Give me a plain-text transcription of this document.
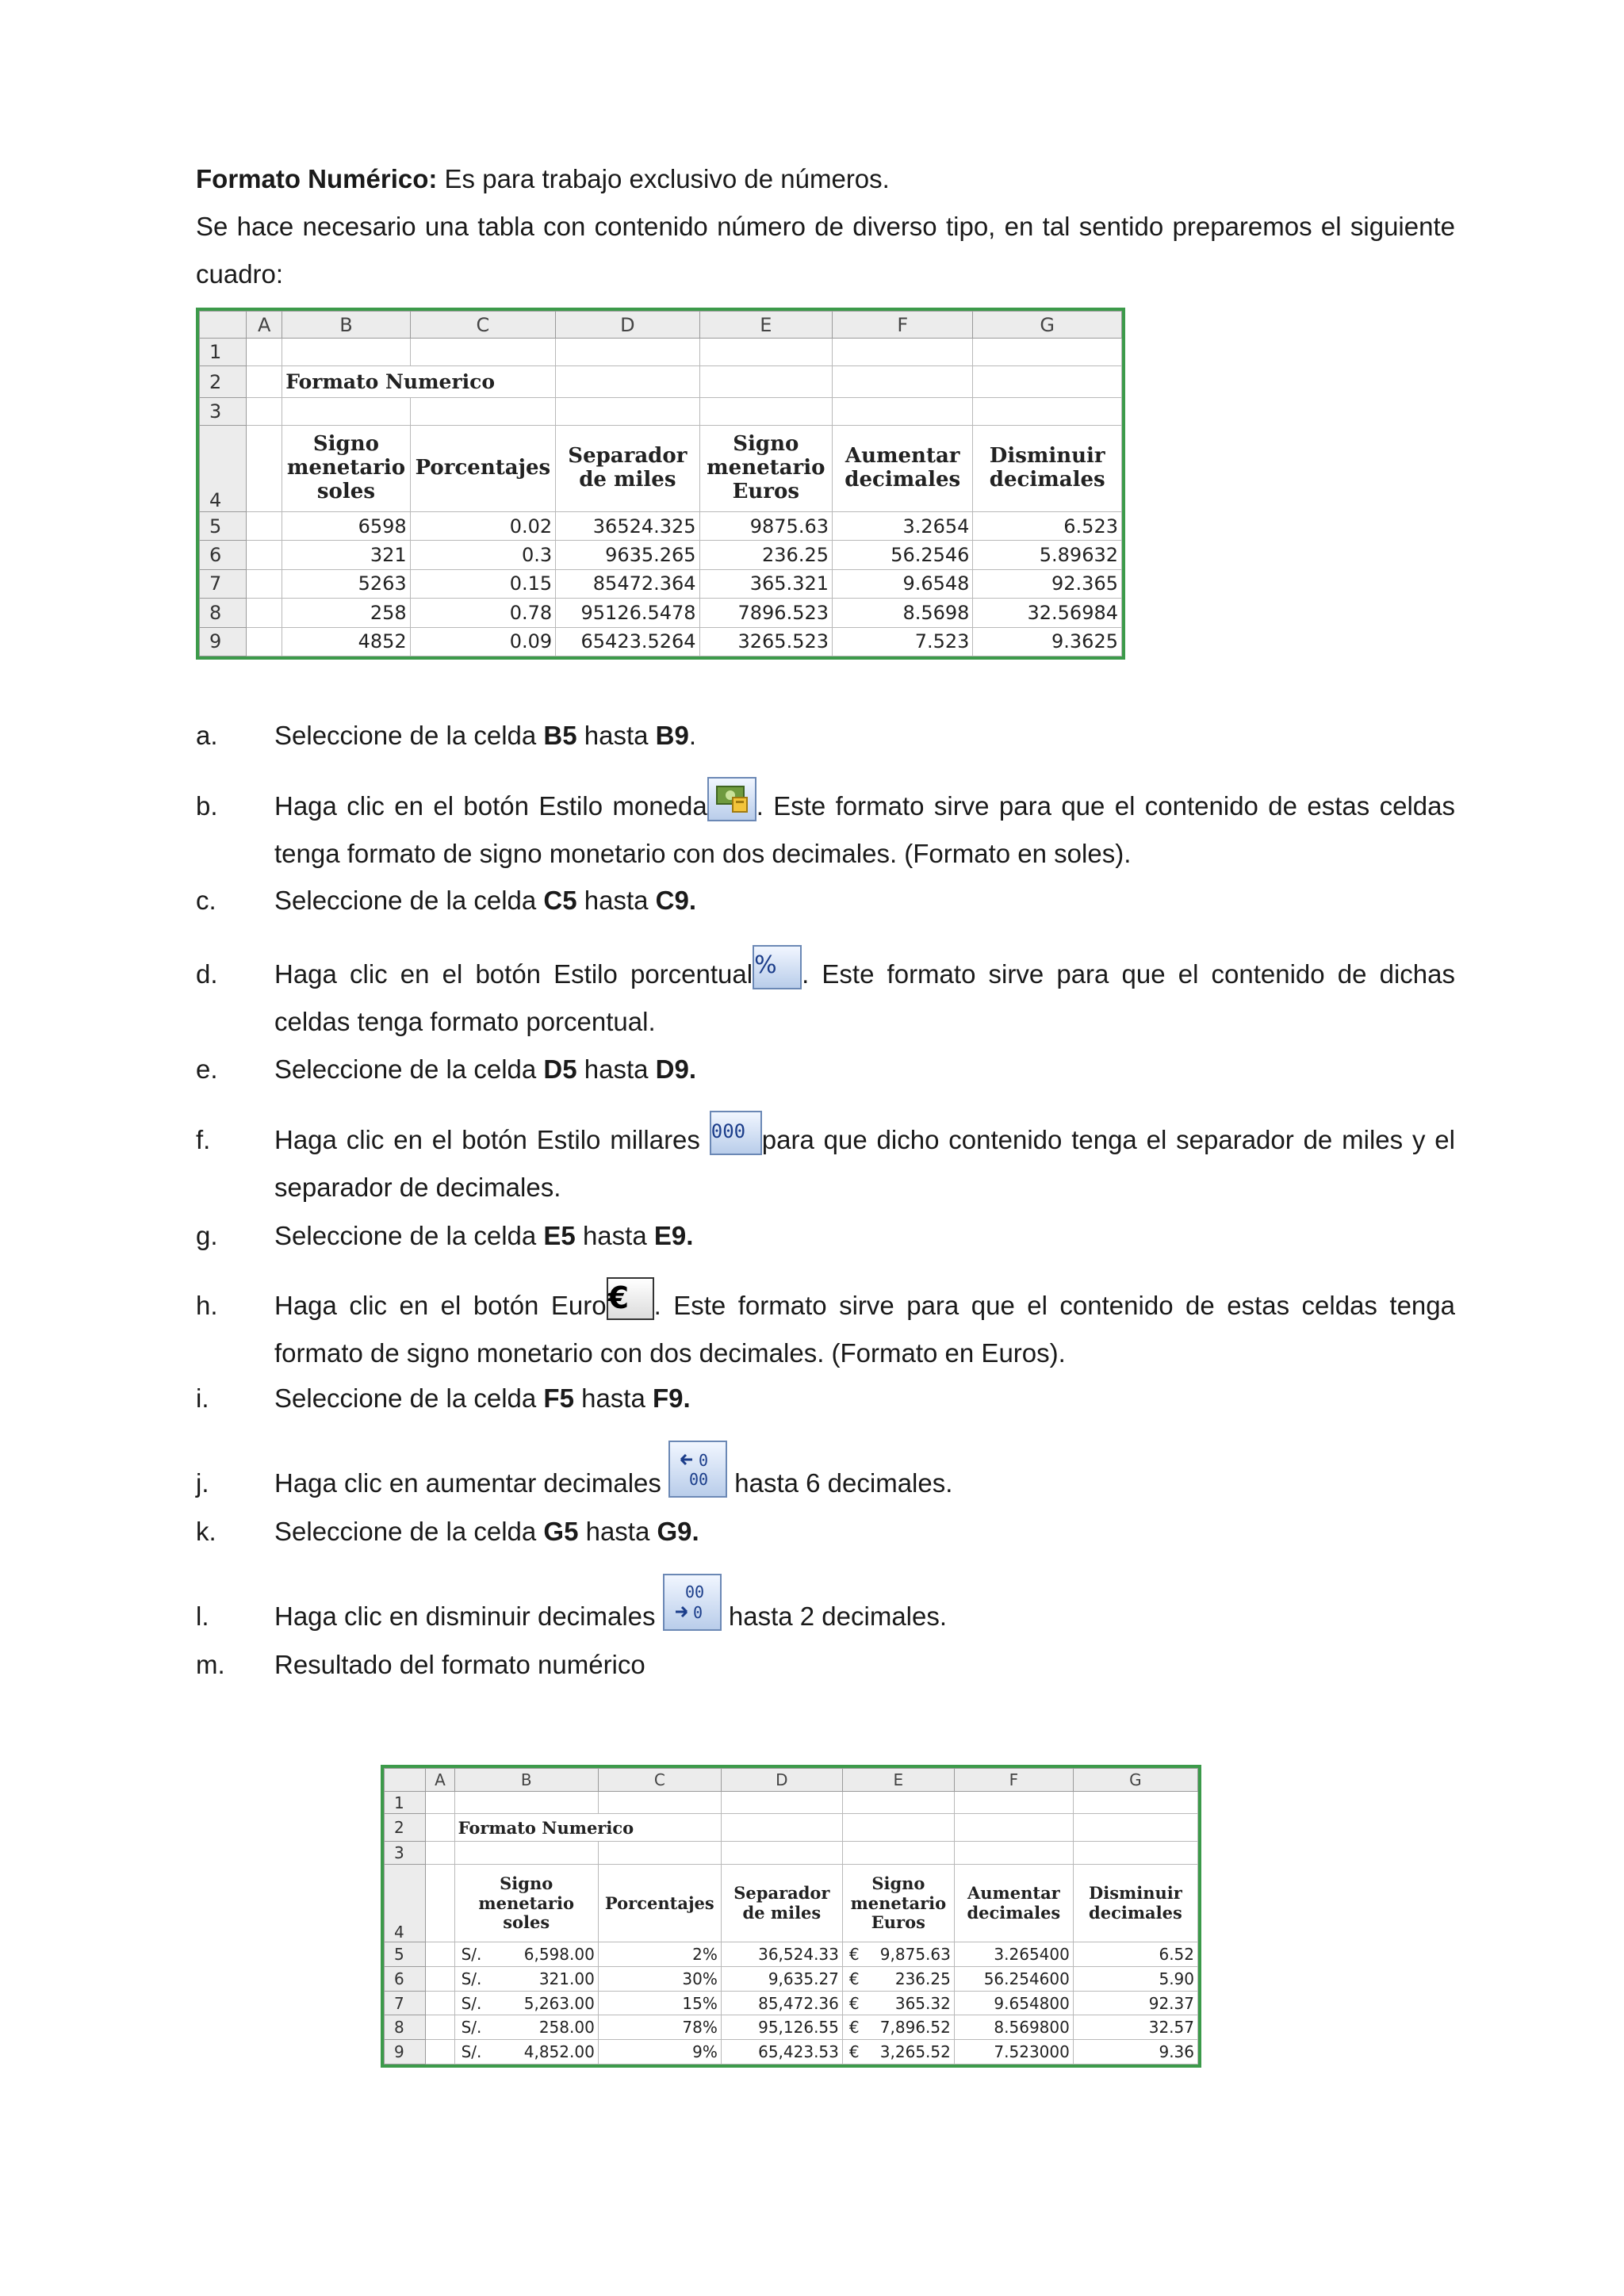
Formato Numérico: Es para trabajo exclusivo de números.
Se hace necesario una tabla con contenido número de diverso tipo, en tal sentido preparemos el siguiente cuadro:
	A	B	C	D	E	F	G
1							
2		Formato Numerico					
3							
4		Signo menetario soles	Porcentajes	Separador de miles	Signo menetario Euros	Aumentar decimales	Disminuir decimales
5		6598	0.02	36524.325	9875.63	3.2654	6.523
6		321	0.3	9635.265	236.25	56.2546	5.89632
7		5263	0.15	85472.364	365.321	9.6548	92.365
8		258	0.78	95126.5478	7896.523	8.5698	32.56984
9		4852	0.09	65423.5264	3265.523	7.523	9.3625
a. Seleccione de la celda B5 hasta B9.
b. Haga clic en el botón Estilo moneda . Este formato sirve para que el contenido de estas celdas tenga formato de signo monetario con dos decimales. (Formato en soles).
c. Seleccione de la celda C5 hasta C9.
d. Haga clic en el botón Estilo porcentual% . Este formato sirve para que el contenido de dichas celdas tenga formato porcentual.
e. Seleccione de la celda D5 hasta D9.
f. Haga clic en el botón Estilo millares 000 para que dicho contenido tenga el separador de miles y el separador de decimales.
g. Seleccione de la celda E5 hasta E9.
h. Haga clic en el botón Euro€ . Este formato sirve para que el contenido de estas celdas tenga formato de signo monetario con dos decimales. (Formato en Euros).
i.	Seleccione de la celda F5 hasta F9.
j.	Haga clic en aumentar decimales
0
00 hasta 6 decimales.
k. Seleccione de la celda G5 hasta G9.
l.	Haga clic en disminuir decimales
00
0 hasta 2 decimales.
m. Resultado del formato numérico
	A	B	C	D	E	F	G
1							
2		Formato Numerico					
3							
4		Signo menetario soles	Porcentajes	Separador de miles	Signo menetario Euros	Aumentar decimales	Disminuir decimales
5		S/. 6,598.00	2%	36,524.33	€ 9,875.63	3.265400	6.52
6		S/. 321.00	30%	9,635.27	€ 236.25	56.254600	5.90
7		S/. 5,263.00	15%	85,472.36	€ 365.32	9.654800	92.37
8		S/. 258.00	78%	95,126.55	€ 7,896.52	8.569800	32.57
9		S/. 4,852.00	9%	65,423.53	€ 3,265.52	7.523000	9.36
